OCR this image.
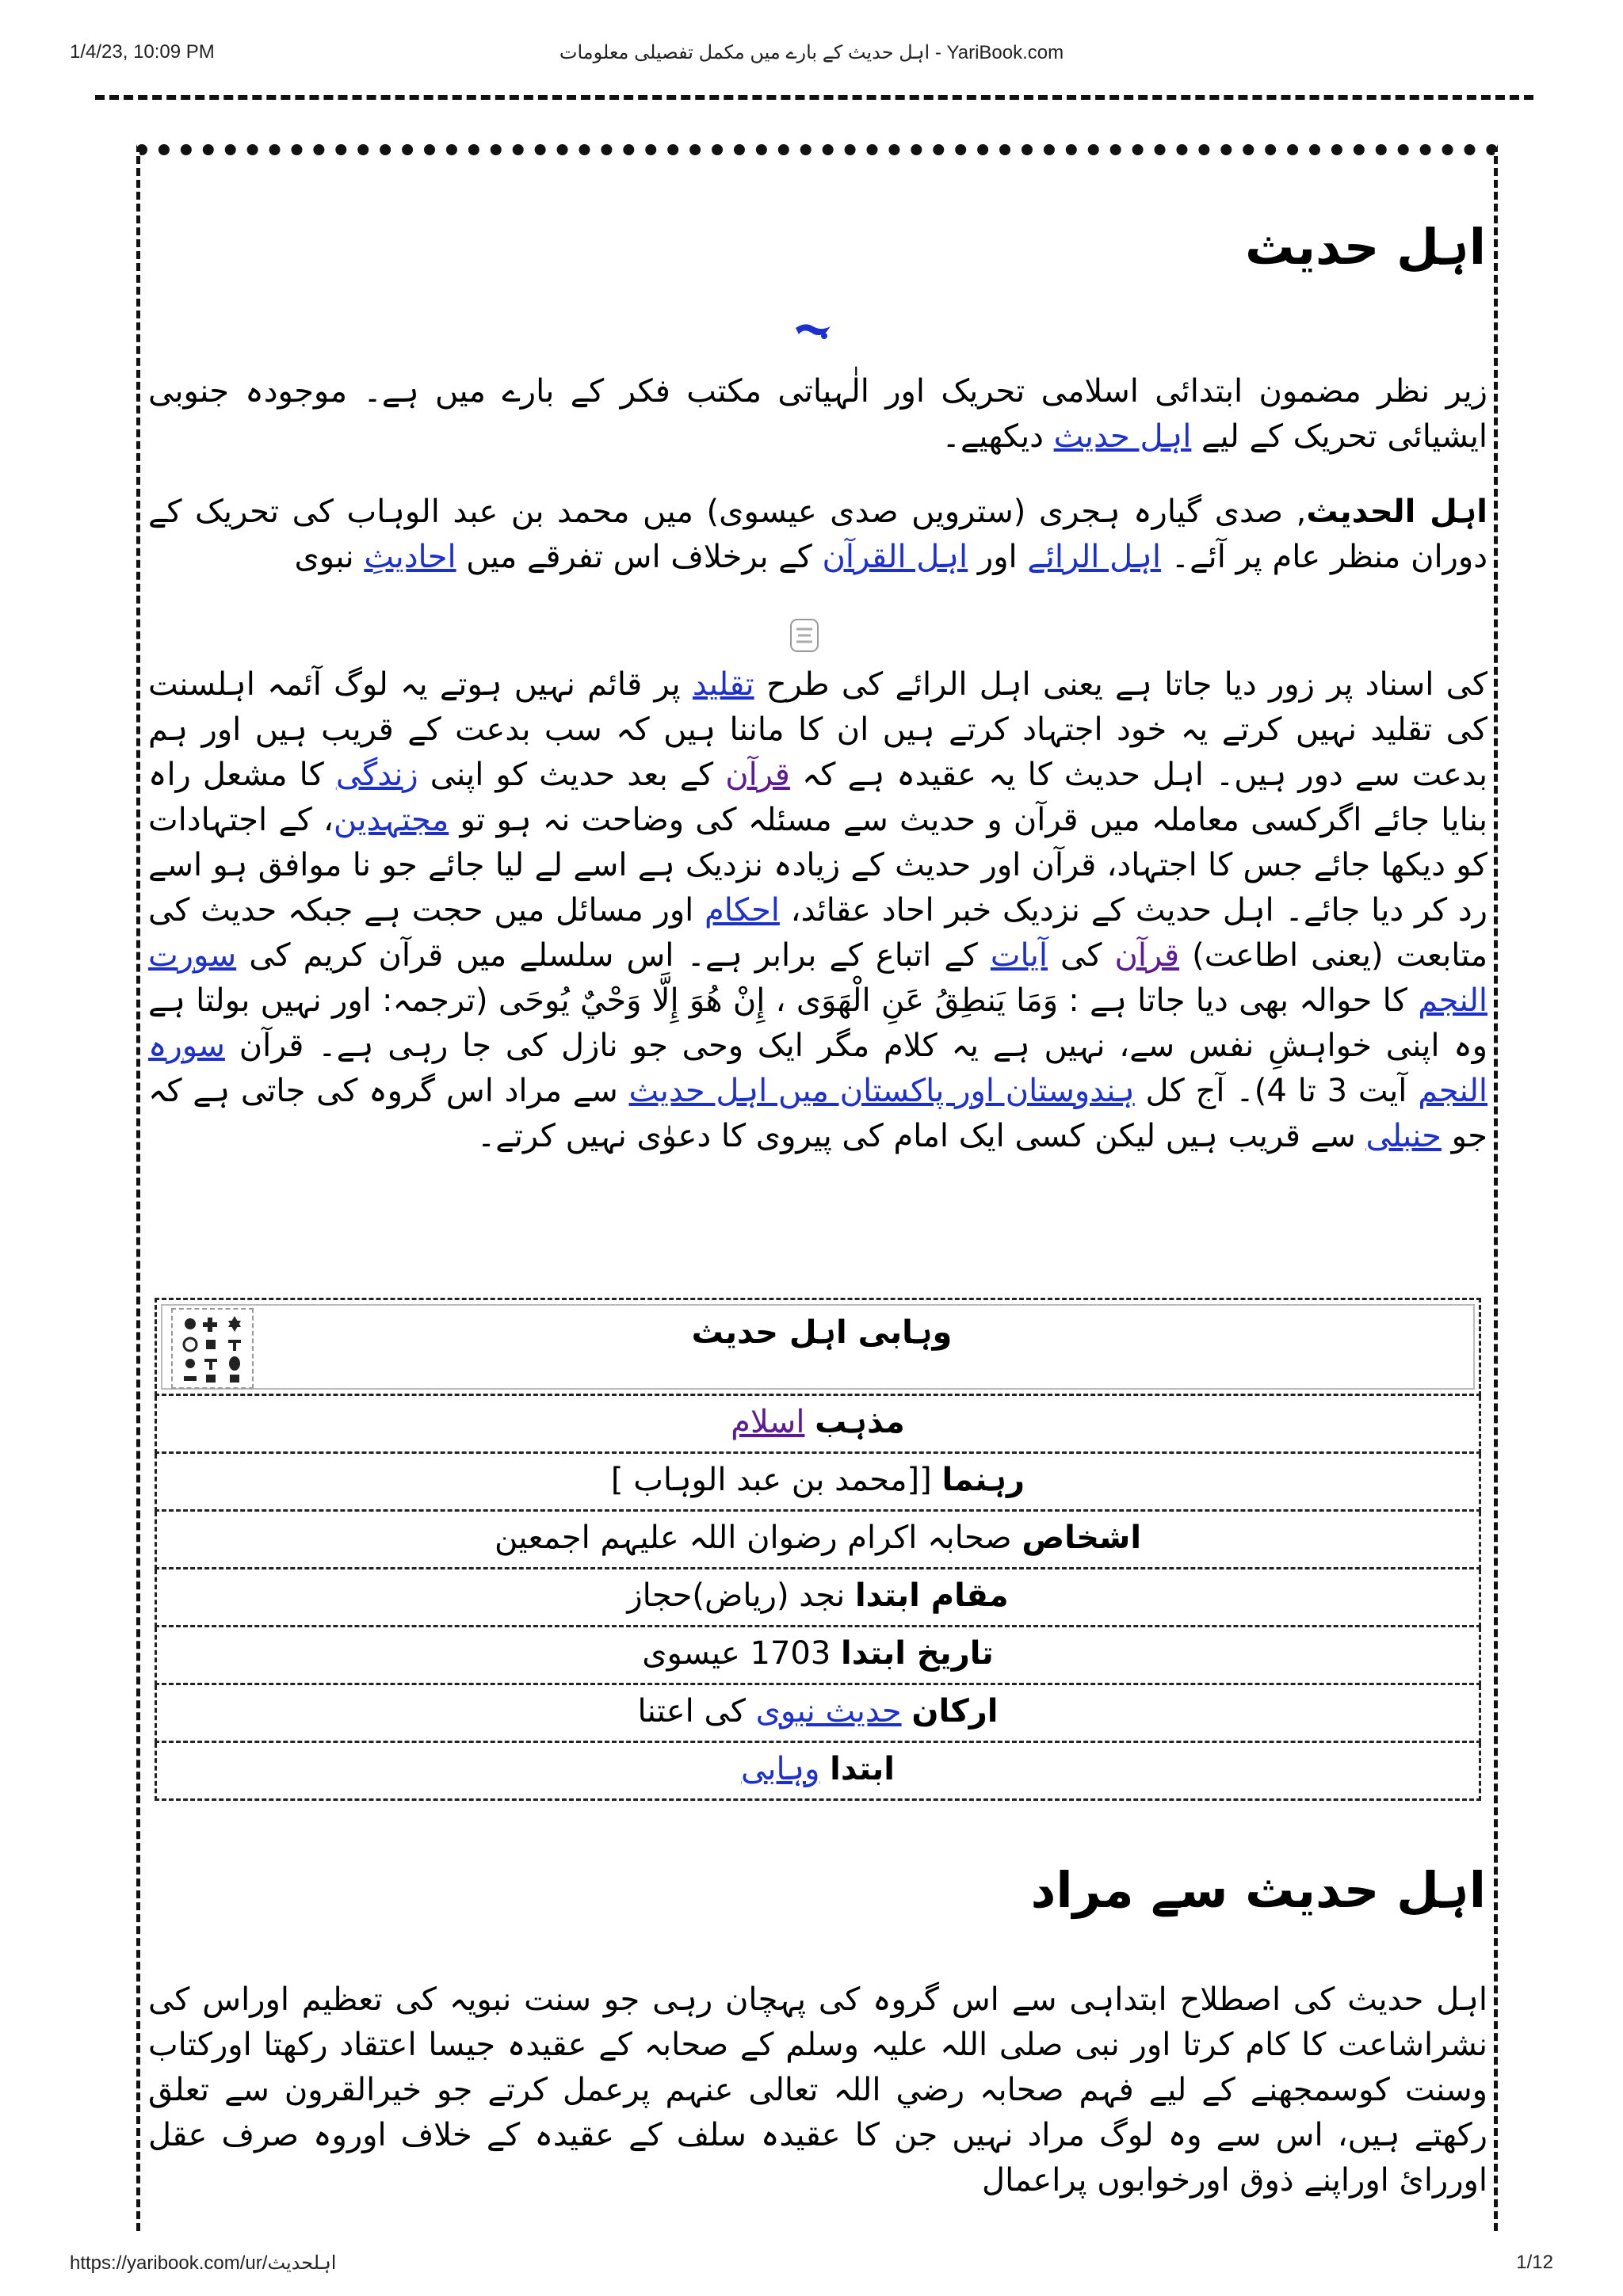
1/4/23, 10:09 PM	اہل حدیث کے بارے میں مکمل تفصیلی معلومات - YariBook.com
اہل حدیث
زیر نظر مضمون ابتدائی اسلامی تحریک اور الٰہیاتی مکتب فکر کے بارے میں ہے۔ موجودہ جنوبی ایشیائی تحریک کے لیے اہل حدیث دیکھیے۔
اہل الحدیث, صدی گیارہ ہجری (سترویں صدی عیسوی) میں محمد بن عبد الوہاب کی تحریک کے دوران منظر عام پر آئے۔ اہل الرائے اور اہل القرآن کے برخلاف اس تفرقے میں احادیثِ نبوی
کی اسناد پر زور دیا جاتا ہے یعنی اہل الرائے کی طرح تقلید پر قائم نہیں ہوتے یہ لوگ آئمہ اہلسنت کی تقلید نہیں کرتے یہ خود اجتہاد کرتے ہیں ان کا ماننا ہیں کہ سب بدعت کے قریب ہیں اور ہم بدعت سے دور ہیں۔ اہل حدیث کا یہ عقیدہ ہے کہ قرآن کے بعد حدیث کو اپنی زندگی کا مشعل راہ بنایا جائے اگرکسی معاملہ میں قرآن و حدیث سے مسئلہ کی وضاحت نہ ہو تو مجتہدین، کے اجتہادات کو دیکھا جائے جس کا اجتہاد، قرآن اور حدیث کے زیادہ نزدیک ہے اسے لے لیا جائے جو نا موافق ہو اسے رد کر دیا جائے۔ اہل حدیث کے نزدیک خبر احاد عقائد، احکام اور مسائل میں حجت ہے جبکہ حدیث کی متابعت (یعنی اطاعت) قرآن کی آیات کے اتباع کے برابر ہے۔ اس سلسلے میں قرآن کریم کی سورت النجم کا حوالہ بھی دیا جاتا ہے : وَمَا يَنطِقُ عَنِ الْهَوَى ، إِنْ هُوَ إِلَّا وَحْيٌ يُوحَى (ترجمہ: اور نہیں بولتا ہے وہ اپنی خواہشِ نفس سے، نہیں ہے یہ کلام مگر ایک وحی جو نازل کی جا رہی ہے۔ قرآن سورہ النجم آیت 3 تا 4)۔ آج کل ہندوستان اور پاکستان میں اہل حدیث سے مراد اس گروہ کی جاتی ہے کہ جو حنبلی سے قریب ہیں لیکن کسی ایک امام کی پیروی کا دعوٰی نہیں کرتے۔
وہابی اہل حدیث
مذہب اسلام
رہنما [[محمد بن عبد الوہاب ]
اشخاص صحابہ اکرام رضوان اللہ علیہم اجمعین
مقام ابتدا نجد (ریاض)حجاز
تاریخ ابتدا 1703 عیسوی
ارکان حدیث نبوی کی اعتنا
ابتدا وہابی
اہل حدیث سے مراد
اہل حدیث کی اصطلاح ابتداہی سے اس گروہ کی پہچان رہی جو سنت نبویہ کی تعظیم اوراس کی نشراشاعت کا کام کرتا اور نبی صلی اللہ علیہ وسلم کے صحابہ کے عقیدہ جیسا اعتقاد رکھتا اورکتاب وسنت کوسمجھنے کے لیے فہم صحابہ رضي اللہ تعالی عنہم پرعمل کرتے جو خیرالقرون سے تعلق رکھتے ہیں، اس سے وہ لوگ مراد نہیں جن کا عقیدہ سلف کے عقیدہ کے خلاف اوروہ صرف عقل اوررائ اوراپنے ذوق اورخوابوں پراعمال
https://yaribook.com/ur/اہلحدیث	1/12
